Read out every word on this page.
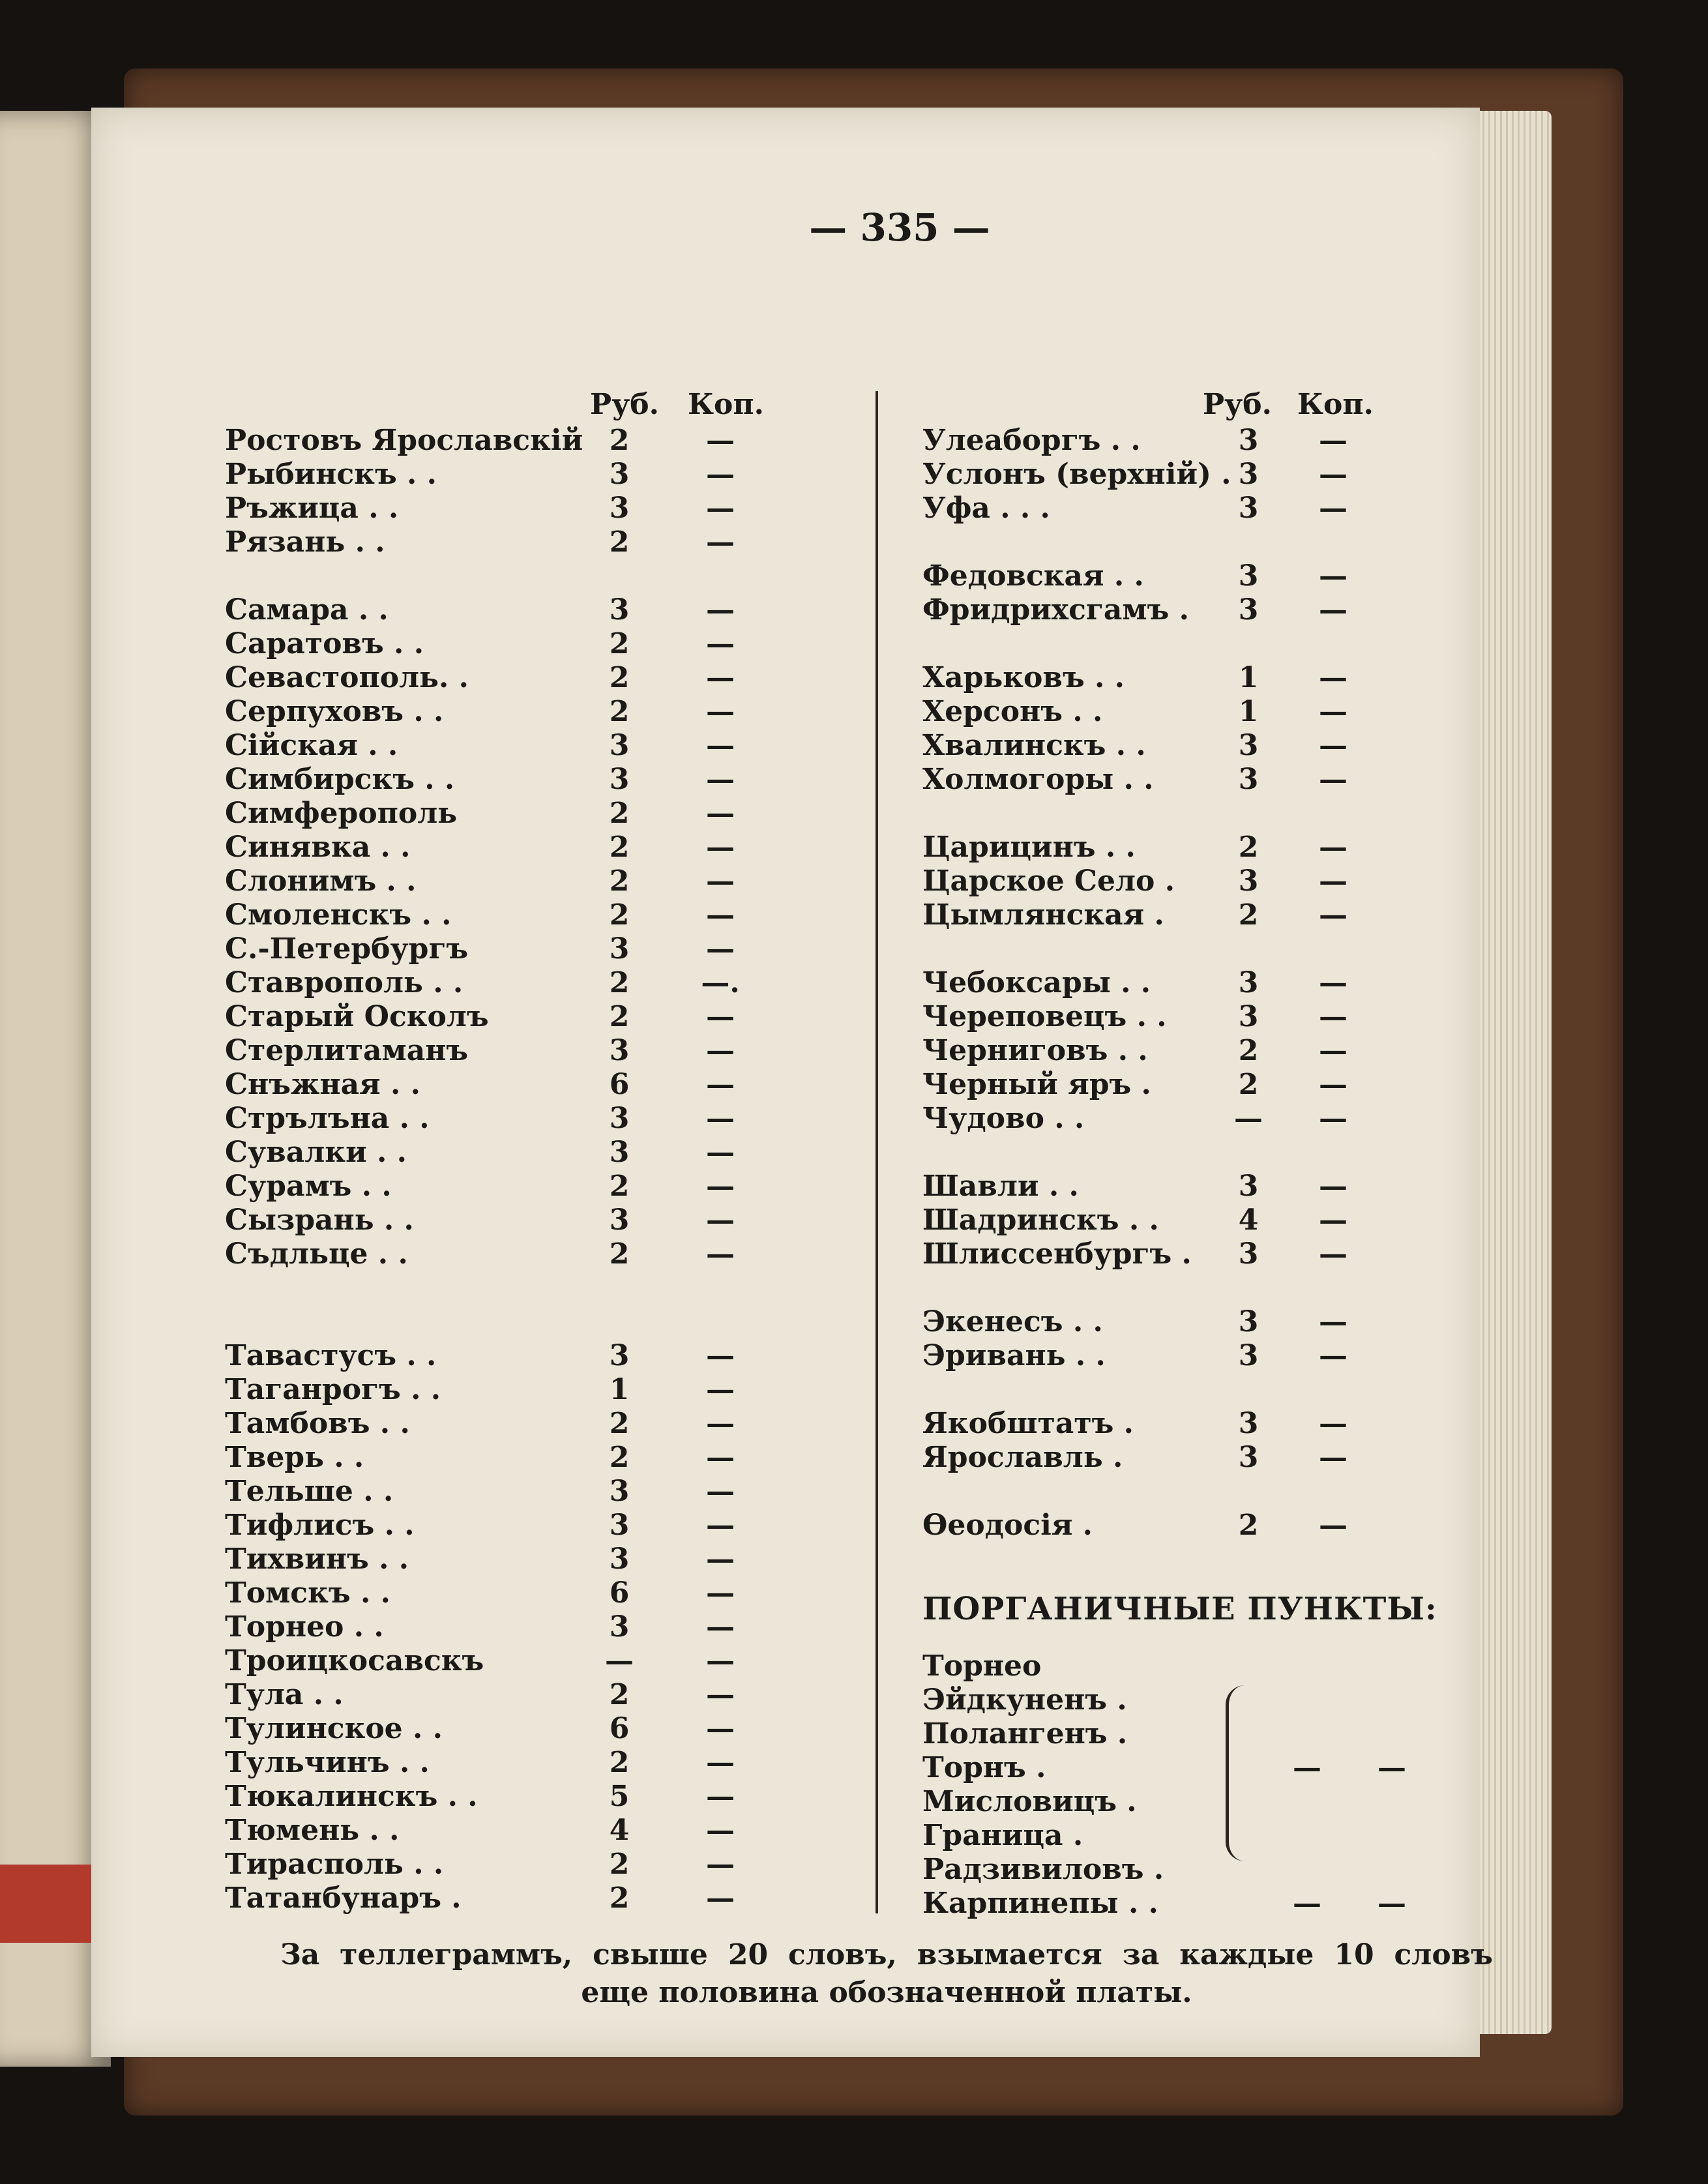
— 335 —
Руб. Коп.	Руб. Коп.
Ростовъ Ярославскій 2	—
Рыбинскъ . .	3	—
Ръжица . .	3	—
Рязань . .	2	—
Самара . .	3	—
Саратовъ . .	2	—
Севастополь. .	2	—
Серпуховъ . .	2	—
Сійская . .	3	—
Симбирскъ . .	3	—
Симферополь	2	—
Синявка . .	2	—
Слонимъ . .	2	—
Смоленскъ . .	2	—
С.-Петербургъ	3	—
Ставрополь . .	2	—.
Старый Осколъ	2	—
Стерлитаманъ	3	—
Снъжная . .	6	—
Стрълъна . .	3	—
Сувалки . .	3	—
Сурамъ . .	2	—
Сызрань . .	3	—
Съдльце . .	2	—
Тавастусъ . .	3	—
Таганрогъ . .	1	—
Тамбовъ . .	2	—
Тверь . .	2	—
Тельше . .	3	—
Тифлисъ . .	3	—
Тихвинъ . .	3	—
Томскъ . .	6	—
Торнео . .	3	—
Троицкосавскъ	—	—
Тула . .	2	—
Тулинское . .	6	—
Тульчинъ . .	2	—
Тюкалинскъ . .	5	—
Тюмень . .	4	—
Тирасполь . .	2	—
Татанбунаръ .	2	—
Улеаборгъ . .	3	—
Услонъ (верхній) . 3	—
Уфа . . .	3	—
Федовская . .	3	—
Фридрихсгамъ .	3	—
Харьковъ . .	1	—
Херсонъ . .	1	—
Хвалинскъ . .	3	—
Холмогоры . .	3	—
Царицинъ . .	2	—
Царское Село .	3	—
Цымлянская .	2	—
Чебоксары . .	3	—
Череповецъ . .	3	—
Черниговъ . .	2	—
Черный яръ .	2	—
Чудово . .	—	—
Шавли . .	3	—
Шадринскъ . .	4	—
Шлиссенбургъ .	3	—
Экенесъ . .	3	—
Эривань . .	3	—
Якобштатъ .	3	—
Ярославль .	3	—
Өеодосія .	2	—
ПОРГАНИЧНЫЕ ПУНКТЫ:
Торнео
Эйдкуненъ .
Полангенъ .
Торнъ .	—	—
Мисловицъ .
Граница .
Радзивиловъ .
Карпинепы . .	—	—
За теллеграммъ, свыше 20 словъ, взымается за каждые 10 словъ
еще половина обозначенной платы.
